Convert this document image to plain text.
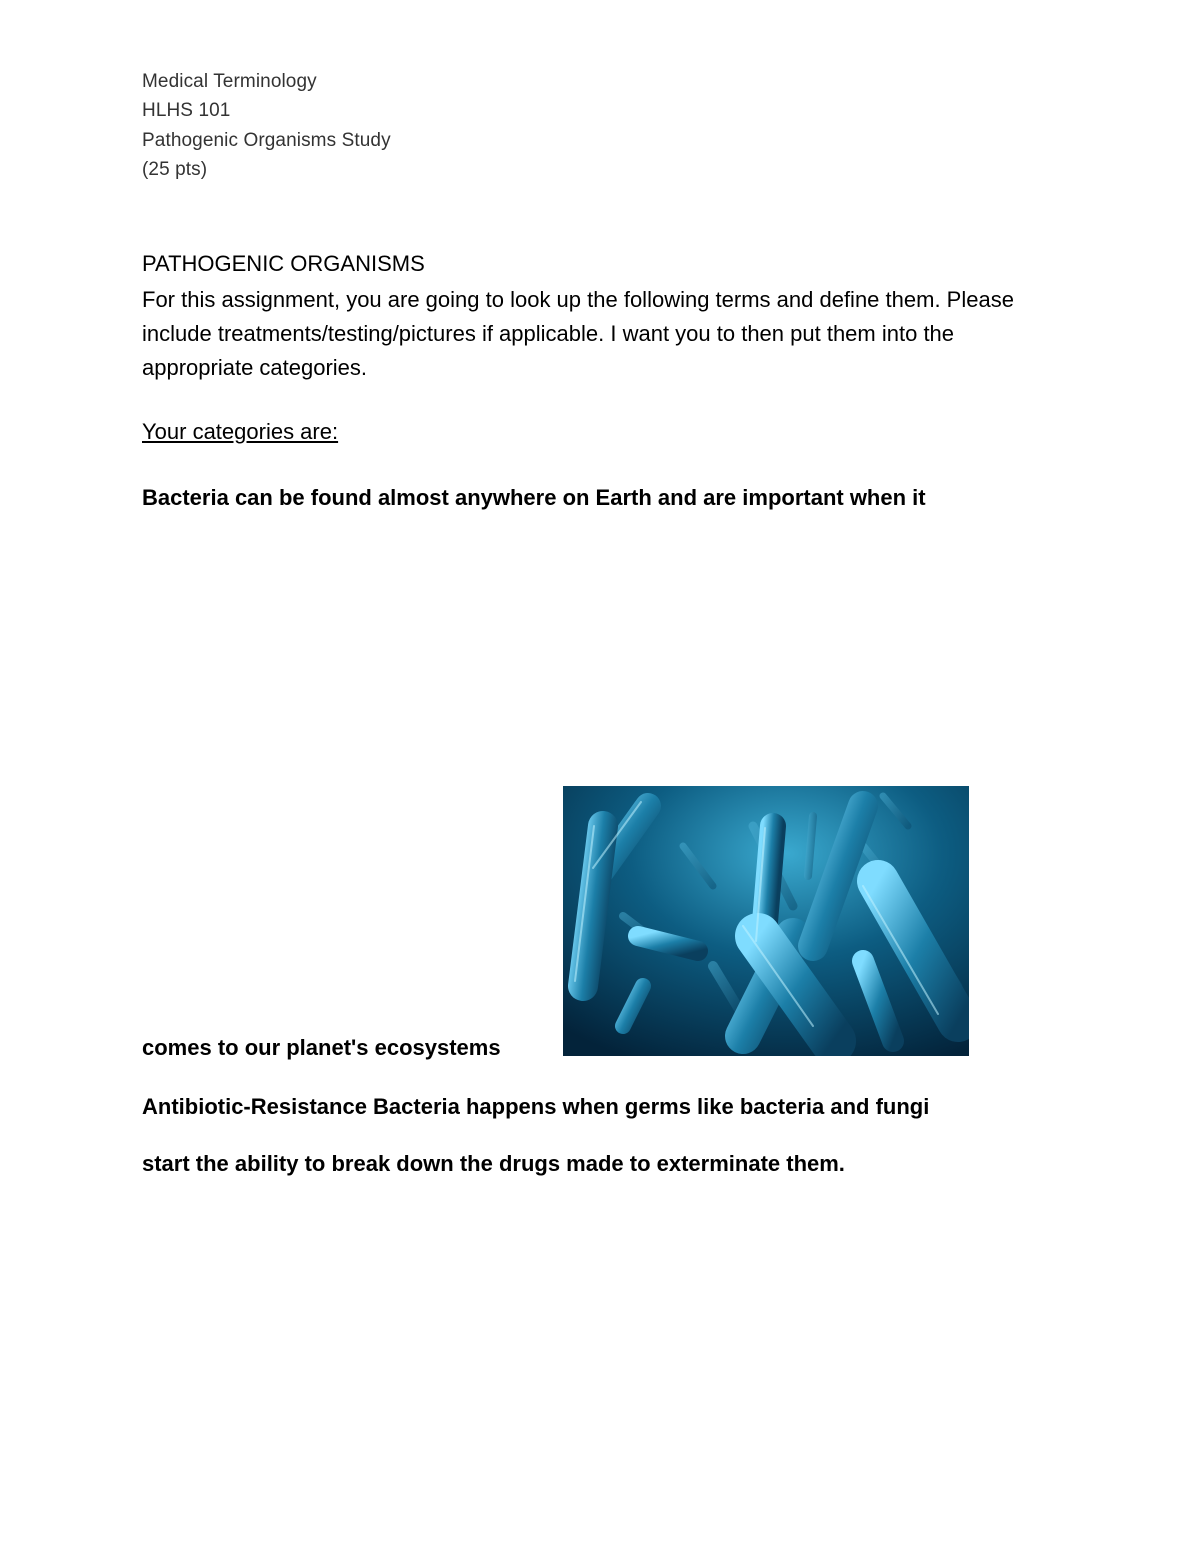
Medical Terminology
HLHS 101
Pathogenic Organisms Study
(25 pts)
PATHOGENIC ORGANISMS
For this assignment, you are going to look up the following terms and define them. Please include treatments/testing/pictures if applicable. I want you to then put them into the appropriate categories.
Your categories are:
Bacteria can be found almost anywhere on Earth and are important when it
comes to our planet's ecosystems
Antibiotic-Resistance Bacteria happens when germs like bacteria and fungi
start the ability to break down the drugs made to exterminate them.
